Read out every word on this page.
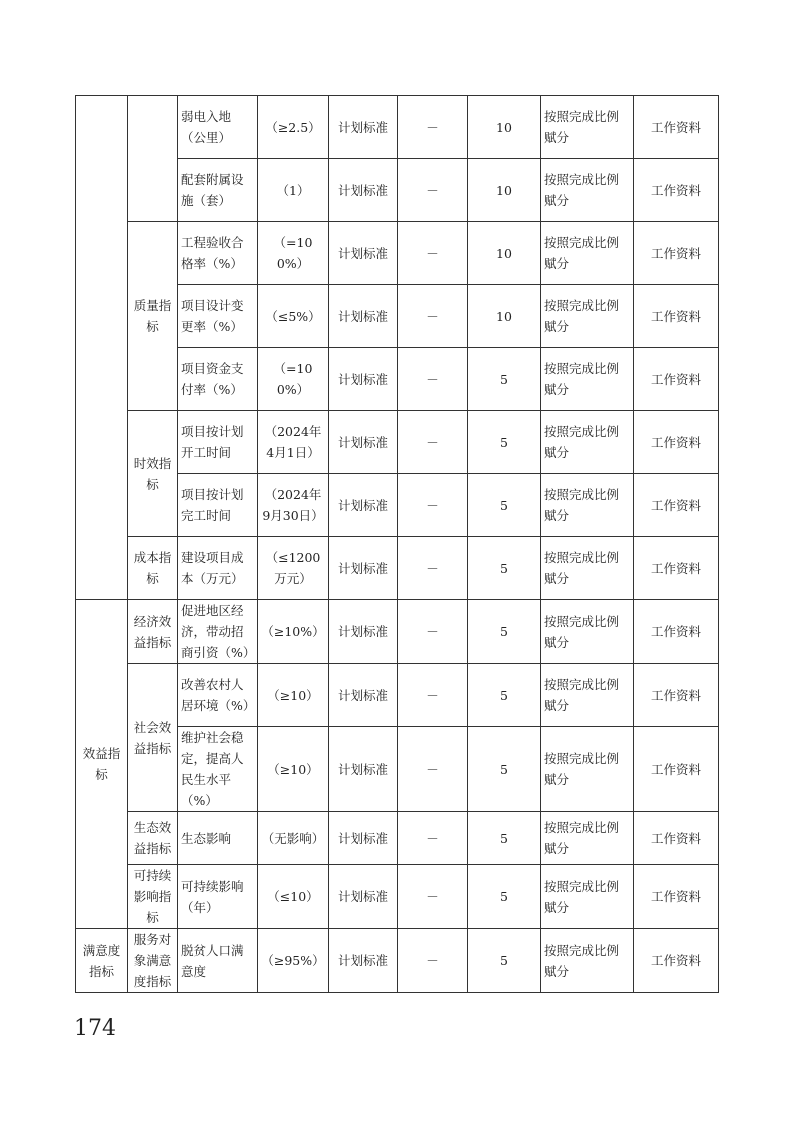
		弱电入地（公里）	（≥2.5）	计划标准	－	10	按照完成比例赋分	工作资料
		配套附属设施（套）	（1）	计划标准	－	10	按照完成比例赋分	工作资料
	质量指标	工程验收合格率（%）	（=100%）	计划标准	－	10	按照完成比例赋分	工作资料
		项目设计变更率（%）	（≤5%）	计划标准	－	10	按照完成比例赋分	工作资料
		项目资金支付率（%）	（=100%）	计划标准	－	5	按照完成比例赋分	工作资料
	时效指标	项目按计划开工时间	（2024年4月1日）	计划标准	－	5	按照完成比例赋分	工作资料
		项目按计划完工时间	（2024年9月30日）	计划标准	－	5	按照完成比例赋分	工作资料
	成本指标	建设项目成本（万元）	（≤1200万元）	计划标准	－	5	按照完成比例赋分	工作资料
效益指标	经济效益指标	促进地区经济，带动招商引资（%）	（≥10%）	计划标准	－	5	按照完成比例赋分	工作资料
	社会效益指标	改善农村人居环境（%）	（≥10）	计划标准	－	5	按照完成比例赋分	工作资料
		维护社会稳定，提高人民生水平（%）	（≥10）	计划标准	－	5	按照完成比例赋分	工作资料
	生态效益指标	生态影响	（无影响）	计划标准	－	5	按照完成比例赋分	工作资料
	可持续影响指标	可持续影响（年）	（≤10）	计划标准	－	5	按照完成比例赋分	工作资料
满意度指标	服务对象满意度指标	脱贫人口满意度	（≥95%）	计划标准	－	5	按照完成比例赋分	工作资料
174
